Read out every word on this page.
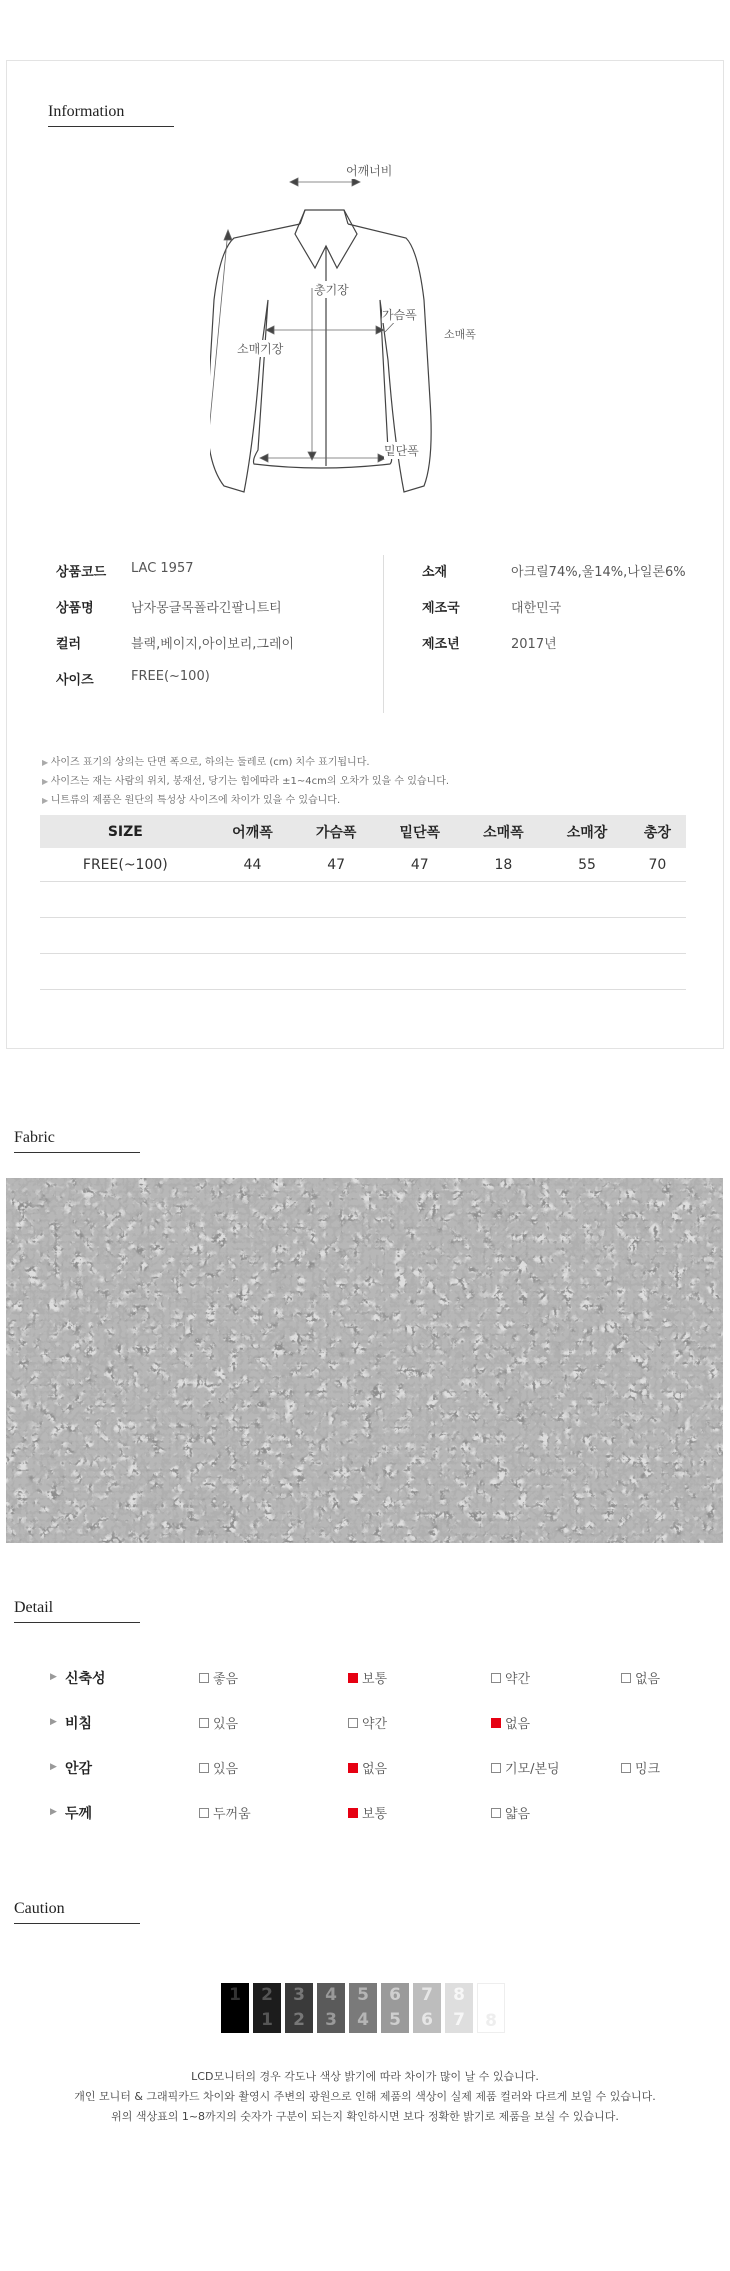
Information
어깨너비
총기장
가슴폭
소매폭
소매기장
밑단폭
상품코드 LAC 1957
상품명	남자몽글목폴라긴팔니트티
컬러	블랙,베이지,아이보리,그레이
사이즈	FREE(~100)
소재	아크릴74%,울14%,나일론6%
제조국	대한민국
제조년	2017년
▶ 사이즈 표기의 상의는 단면 폭으로, 하의는 둘레로 (cm) 치수 표기됩니다.
▶ 사이즈는 재는 사람의 위치, 봉재선, 당기는 힘에따라 ±1~4cm의 오차가 있을 수 있습니다.
▶ 니트류의 제품은 원단의 특성상 사이즈에 차이가 있을 수 있습니다.
SIZE	어깨폭	가슴폭	밑단폭	소매폭	소매장	총장
FREE(~100)	44	47	47	18	55	70

Fabric
Detail
▶ 신축성	좋음	보통	약간	없음
▶ 비침	있음	약간	없음
▶ 안감	있음	없음	기모/본딩	밍크
▶ 두께	두꺼움	보통	얇음
Caution
1	2
1
3
2
4
3
5
4
6
5
7
6
8
7	8
LCD모니터의 경우 각도나 색상 밝기에 따라 차이가 많이 날 수 있습니다.
개인 모니터 & 그래픽카드 차이와 촬영시 주변의 광원으로 인해 제품의 색상이 실제 제품 컬러와 다르게 보일 수 있습니다.
위의 색상표의 1~8까지의 숫자가 구분이 되는지 확인하시면 보다 정확한 밝기로 제품을 보실 수 있습니다.
